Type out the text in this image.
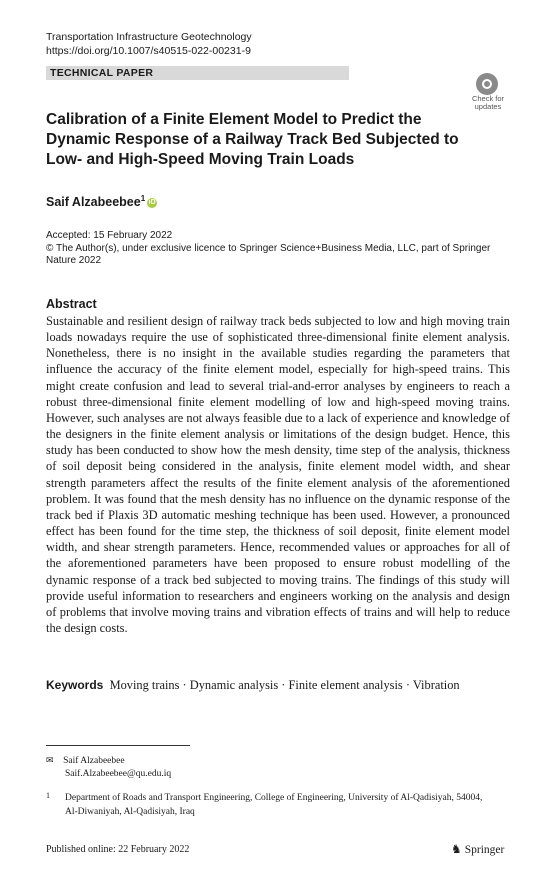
Transportation Infrastructure Geotechnology
https://doi.org/10.1007/s40515-022-00231-9
TECHNICAL PAPER
Check for
updates
Calibration of a Finite Element Model to Predict the Dynamic Response of a Railway Track Bed Subjected to Low- and High-Speed Moving Train Loads
Saif Alzabeebee$^1$ iD
Accepted: 15 February 2022
© The Author(s), under exclusive licence to Springer Science+Business Media, LLC, part of Springer Nature 2022
Abstract
Sustainable and resilient design of railway track beds subjected to low and high moving train loads nowadays require the use of sophisticated three-dimensional finite element analysis. Nonetheless, there is no insight in the available studies regarding the parameters that influence the accuracy of the finite element model, especially for high-speed trains. This might create confusion and lead to several trial-and-error analyses by engineers to reach a robust three-dimensional finite element modelling of low and high-speed moving trains. However, such analyses are not always feasible due to a lack of experience and knowledge of the designers in the finite element analysis or limitations of the design budget. Hence, this study has been conducted to show how the mesh density, time step of the analysis, thickness of soil deposit being considered in the analysis, finite element model width, and shear strength parameters affect the results of the finite element analysis of the aforementioned problem. It was found that the mesh density has no influence on the dynamic response of the track bed if Plaxis 3D automatic meshing technique has been used. However, a pronounced effect has been found for the time step, the thickness of soil deposit, finite element model width, and shear strength parameters. Hence, recommended values or approaches for all of the aforementioned parameters have been proposed to ensure robust modelling of the dynamic response of a track bed subjected to moving trains. The findings of this study will provide useful information to researchers and engineers working on the analysis and design of problems that involve moving trains and vibration effects of trains and will help to reduce the design costs.
Keywords Moving trains · Dynamic analysis · Finite element analysis · Vibration
✉ Saif Alzabeebee
Saif.Alzabeebee@qu.edu.iq
1 Department of Roads and Transport Engineering, College of Engineering, University of Al-Qadisiyah, 54004, Al-Diwaniyah, Al-Qadisiyah, Iraq
Published online: 22 February 2022	♞ Springer
